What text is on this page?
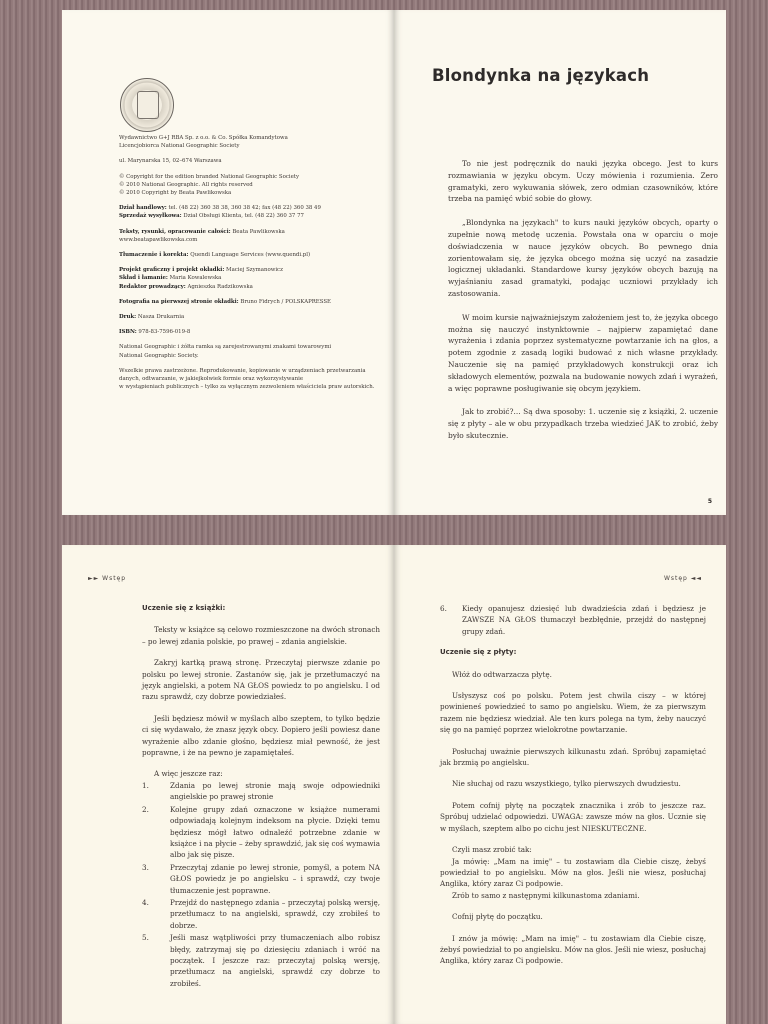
Wydawnictwo G+J RBA Sp. z o.o. & Co. Spółka Komandytowa

Licencjobiorca National Geographic Society

ul. Marynarska 15, 02–674 Warszawa

© Copyright for the edition branded National Geographic Society

© 2010 National Geographic. All rights reserved

© 2010 Copyright by Beata Pawlikowska

Dział handlowy: tel. (48 22) 360 38 38, 360 38 42; fax (48 22) 360 38 49

Sprzedaż wysyłkowa: Dział Obsługi Klienta, tel. (48 22) 360 37 77

Teksty, rysunki, opracowanie całości: Beata Pawlikowska

www.beatapawlikowska.com

Tłumaczenie i korekta: Quendi Language Services (www.quendi.pl)

Projekt graficzny i projekt okładki: Maciej Szymanowicz

Skład i łamanie: Maria Kowalewska

Redaktor prowadzący: Agnieszka Radzikowska

Fotografia na pierwszej stronie okładki: Bruno Fidrych / POLSKAPRESSE

Druk: Nasza Drukarnia

ISBN: 978-83-7596-019-8

National Geographic i żółta ramka są zarejestrowanymi znakami towarowymi

National Geographic Society.

Wszelkie prawa zastrzeżone. Reprodukowanie, kopiowanie w urządzeniach przetwarzania

danych, odtwarzanie, w jakiejkolwiek formie oraz wykorzystywanie

w wystąpieniach publicznych – tylko za wyłącznym zezwoleniem właściciela praw autorskich.

Blondynka na językach

To nie jest podręcznik do nauki języka obcego. Jest to kurs rozmawiania w języku obcym. Uczy mówienia i rozumienia. Zero gramatyki, zero wykuwania słówek, zero odmian czasowników, które trzeba na pamięć wbić sobie do głowy.

„Blondynka na językach" to kurs nauki języków obcych, oparty o zupełnie nową metodę uczenia. Powstała ona w oparciu o moje doświadczenia w nauce języków obcych. Bo pewnego dnia zorientowałam się, że języka obcego można się uczyć na zasadzie logicznej układanki. Standardowe kursy języków obcych bazują na wyjaśnianiu zasad gramatyki, podając uczniowi przykłady ich zastosowania.

W moim kursie najważniejszym założeniem jest to, że języka obcego można się nauczyć instynktownie – najpierw zapamiętać dane wyrażenia i zdania poprzez systematyczne powtarzanie ich na głos, a potem zgodnie z zasadą logiki budować z nich własne przykłady. Nauczenie się na pamięć przykładowych konstrukcji oraz ich składowych elementów, pozwala na budowanie nowych zdań i wyrażeń, a więc poprawne posługiwanie się obcym językiem.

Jak to zrobić?... Są dwa sposoby: 1. uczenie się z książki, 2. uczenie się z płyty – ale w obu przypadkach trzeba wiedzieć JAK to zrobić, żeby było skutecznie.

5
►► Wstęp

Uczenie się z książki:

Teksty w książce są celowo rozmieszczone na dwóch stronach – po lewej zdania polskie, po prawej – zdania angielskie.

Zakryj kartką prawą stronę. Przeczytaj pierwsze zdanie po polsku po lewej stronie. Zastanów się, jak je przetłumaczyć na język angielski, a potem NA GŁOS powiedz to po angielsku. I od razu sprawdź, czy dobrze powiedziałeś.

Jeśli będziesz mówił w myślach albo szeptem, to tylko będzie ci się wydawało, że znasz język obcy. Dopiero jeśli powiesz dane wyrażenie albo zdanie głośno, będziesz miał pewność, że jest poprawne, i że na pewno je zapamiętałeś.

A więc jeszcze raz:

1.	Zdania po lewej stronie mają swoje odpowiedniki angielskie po prawej stronie
2.	Kolejne grupy zdań oznaczone w książce numerami odpowiadają kolejnym indeksom na płycie. Dzięki temu będziesz mógł łatwo odnaleźć potrzebne zdanie w książce i na płycie – żeby sprawdzić, jak się coś wymawia albo jak się pisze.
3.	Przeczytaj zdanie po lewej stronie, pomyśl, a potem NA GŁOS powiedz je po angielsku – i sprawdź, czy twoje tłumaczenie jest poprawne.
4.	Przejdź do następnego zdania – przeczytaj polską wersję, przetłumacz to na angielski, sprawdź, czy zrobiłeś to dobrze.
5.	Jeśli masz wątpliwości przy tłumaczeniach albo robisz błędy, zatrzymaj się po dziesięciu zdaniach i wróć na początek. I jeszcze raz: przeczytaj polską wersję, przetłumacz na angielski, sprawdź czy dobrze to zrobiłeś.
Wstęp ◄◄

6.	Kiedy opanujesz dziesięć lub dwadzieścia zdań i będziesz je ZAWSZE NA GŁOS tłumaczył bezbłędnie, przejdź do następnej grupy zdań.

Uczenie się z płyty:

Włóż do odtwarzacza płytę.

Usłyszysz coś po polsku. Potem jest chwila ciszy – w której powinieneś powiedzieć to samo po angielsku. Wiem, że za pierwszym razem nie będziesz wiedział. Ale ten kurs polega na tym, żeby nauczyć się go na pamięć poprzez wielokrotne powtarzanie.

Posłuchaj uważnie pierwszych kilkunastu zdań. Spróbuj zapamiętać jak brzmią po angielsku.

Nie słuchaj od razu wszystkiego, tylko pierwszych dwudziestu.

Potem cofnij płytę na początek znacznika i zrób to jeszcze raz. Spróbuj udzielać odpowiedzi. UWAGA: zawsze mów na głos. Ucznie się w myślach, szeptem albo po cichu jest NIESKUTECZNE.

Czyli masz zrobić tak:

Ja mówię: „Mam na imię" – tu zostawiam dla Ciebie ciszę, żebyś powiedział to po angielsku. Mów na głos. Jeśli nie wiesz, posłuchaj Anglika, który zaraz Ci podpowie.

Zrób to samo z następnymi kilkunastoma zdaniami.

Cofnij płytę do początku.

I znów ja mówię: „Mam na imię" – tu zostawiam dla Ciebie ciszę, żebyś powiedział to po angielsku. Mów na głos. Jeśli nie wiesz, posłuchaj Anglika, który zaraz Ci podpowie.
